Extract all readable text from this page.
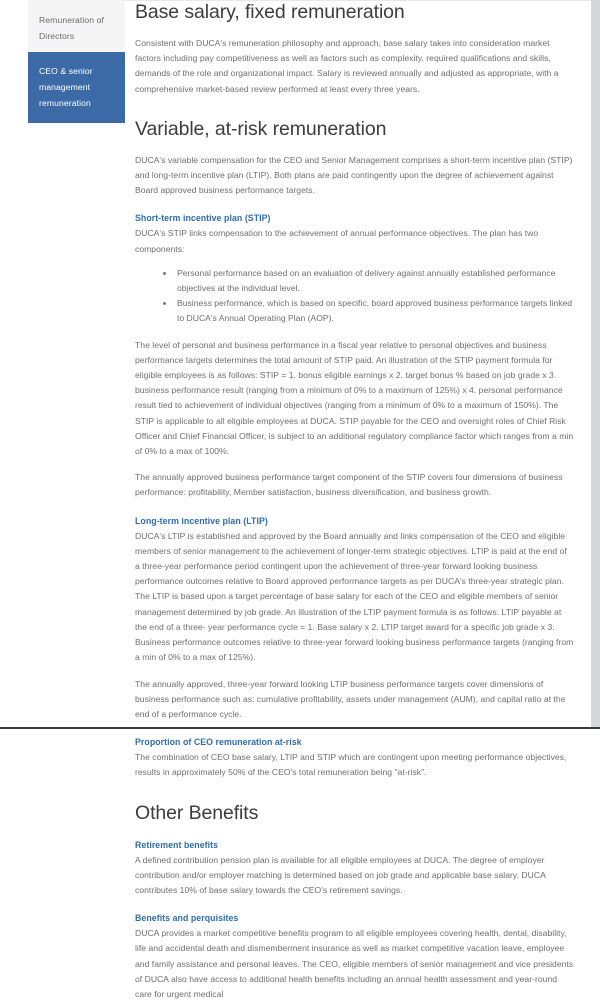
Remuneration of Directors
CEO & senior management remuneration
Base salary, fixed remuneration

Consistent with DUCA's remuneration philosophy and approach, base salary takes into consideration market factors including pay competitiveness as well as factors such as complexity, required qualifications and skills, demands of the role and organizational impact. Salary is reviewed annually and adjusted as appropriate, with a comprehensive market-based review performed at least every three years.

Variable, at-risk remuneration

DUCA's variable compensation for the CEO and Senior Management comprises a short-term incentive plan (STIP) and long-term incentive plan (LTIP). Both plans are paid contingently upon the degree of achievement against Board approved business performance targets.

Short-term incentive plan (STIP)

DUCA's STIP links compensation to the achievement of annual performance objectives. The plan has two components:

Personal performance based on an evaluation of delivery against annually established performance objectives at the individual level.
Business performance, which is based on specific, board approved business performance targets linked to DUCA's Annual Operating Plan (AOP).

The level of personal and business performance in a fiscal year relative to personal objectives and business performance targets determines the total amount of STIP paid. An illustration of the STIP payment formula for eligible employees is as follows: STIP = 1. bonus eligible earnings x 2. target bonus % based on job grade x 3. business performance result (ranging from a minimum of 0% to a maximum of 125%) x 4. personal performance result tied to achievement of individual objectives (ranging from a minimum of 0% to a maximum of 150%). The STIP is applicable to all eligible employees at DUCA. STIP payable for the CEO and oversight roles of Chief Risk Officer and Chief Financial Officer, is subject to an additional regulatory compliance factor which ranges from a min of 0% to a max of 100%.

The annually approved business performance target component of the STIP covers four dimensions of business performance: profitability, Member satisfaction, business diversification, and business growth.

Long-term incentive plan (LTIP)

DUCA's LTIP is established and approved by the Board annually and links compensation of the CEO and eligible members of senior management to the achievement of longer-term strategic objectives. LTIP is paid at the end of a three-year performance period contingent upon the achievement of three-year forward looking business performance outcomes relative to Board approved performance targets as per DUCA's three-year strategic plan. The LTIP is based upon a target percentage of base salary for each of the CEO and eligible members of senior management determined by job grade. An illustration of the LTIP payment formula is as follows: LTIP payable at the end of a three- year performance cycle = 1. Base salary x 2. LTIP target award for a specific job grade x 3. Business performance outcomes relative to three-year forward looking business performance targets (ranging from a min of 0% to a max of 125%).

The annually approved, three-year forward looking LTIP business performance targets cover dimensions of business performance such as: cumulative profitability, assets under management (AUM), and capital ratio at the end of a performance cycle.

Proportion of CEO remuneration at-risk

The combination of CEO base salary, LTIP and STIP which are contingent upon meeting performance objectives, results in approximately 50% of the CEO's total remuneration being "at-risk".

Other Benefits
Retirement benefits

A defined contribution pension plan is available for all eligible employees at DUCA. The degree of employer contribution and/or employer matching is determined based on job grade and applicable base salary. DUCA contributes 10% of base salary towards the CEO's retirement savings.

Benefits and perquisites

DUCA provides a market competitive benefits program to all eligible employees covering health, dental, disability, life and accidental death and dismemberment insurance as well as market competitive vacation leave, employee and family assistance and personal leaves. The CEO, eligible members of senior management and vice presidents of DUCA also have access to additional health benefits including an annual health assessment and year-round care for urgent medical
